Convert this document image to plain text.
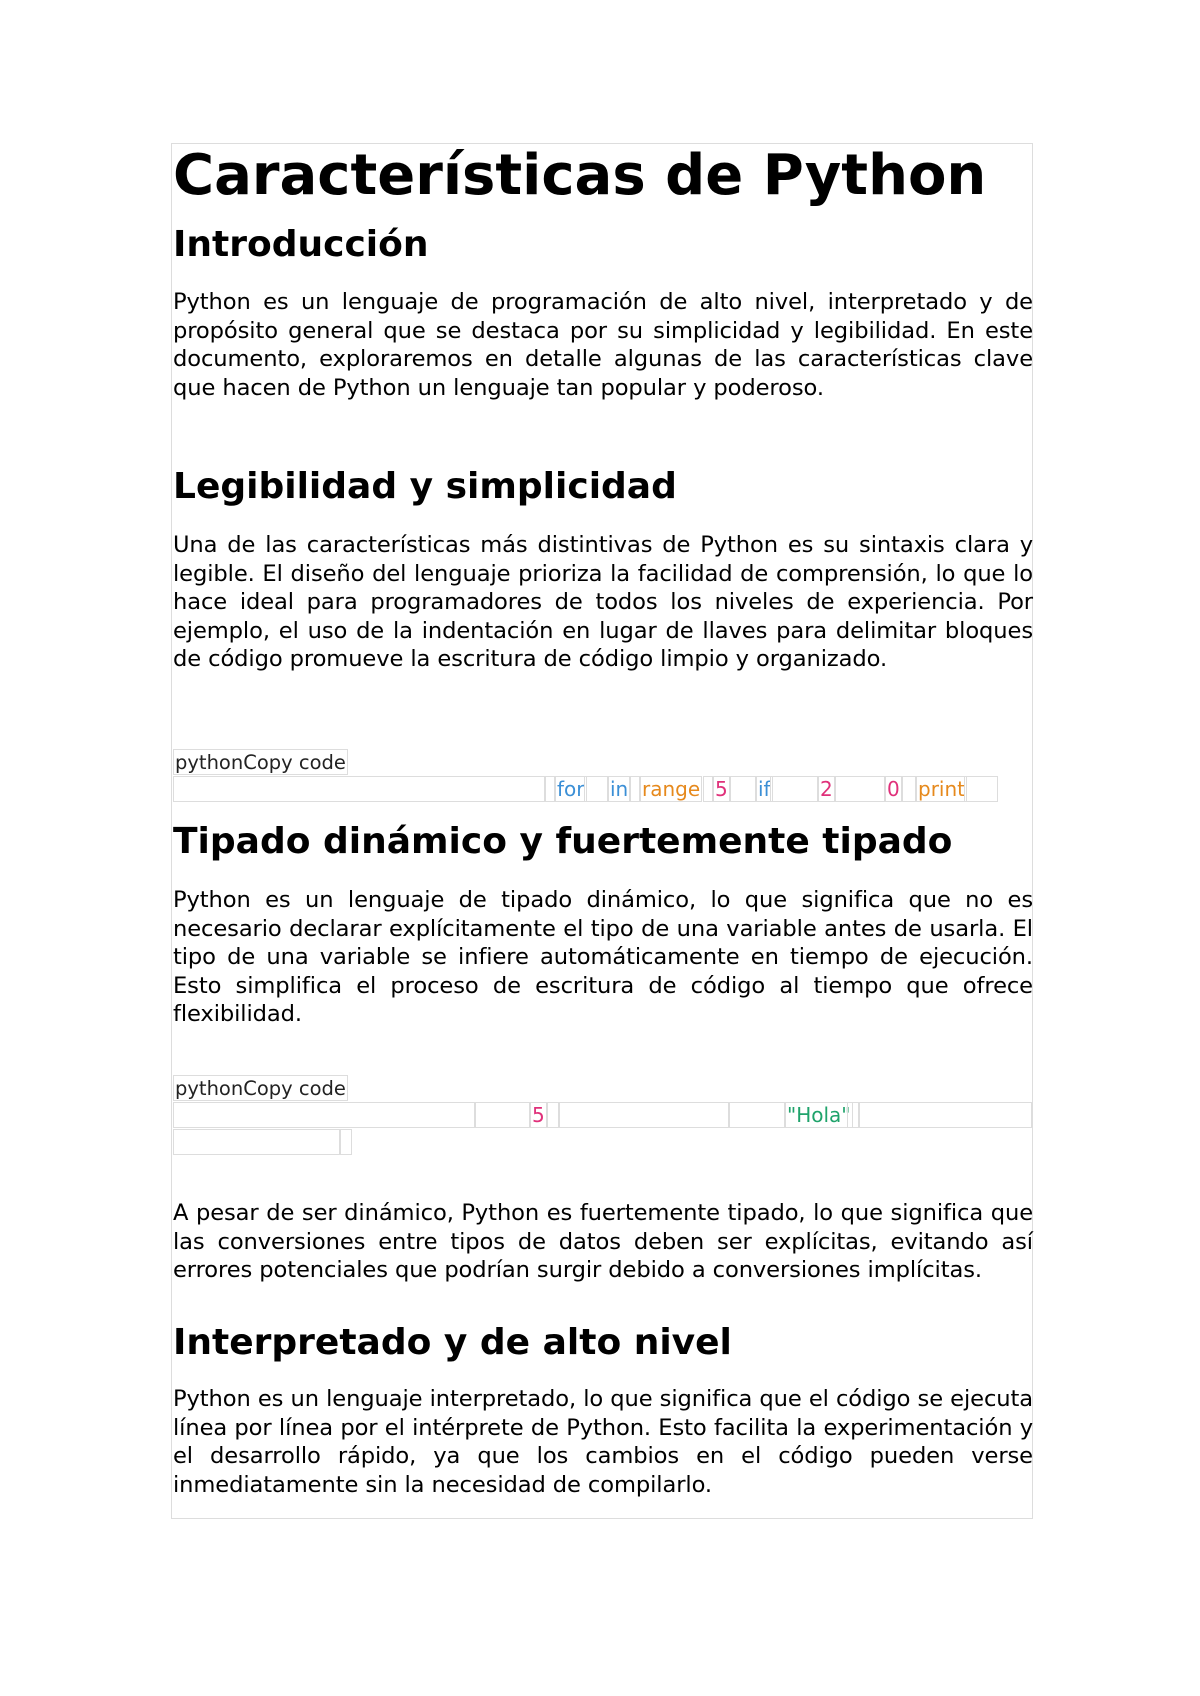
Características de Python
Introducción

Python es un lenguaje de programación de alto nivel, interpretado y de propósito general que se destaca por su simplicidad y legibilidad. En este documento, exploraremos en detalle algunas de las características clave que hacen de Python un lenguaje tan popular y poderoso.

Legibilidad y simplicidad

Una de las características más distintivas de Python es su sintaxis clara y legible. El diseño del lenguaje prioriza la facilidad de comprensión, lo que lo hace ideal para programadores de todos los niveles de experiencia. Por ejemplo, el uso de la indentación en lugar de llaves para delimitar bloques de código promueve la escritura de código limpio y organizado.

pythonCopy code
for in range 5 if 2	0 print
Tipado dinámico y fuertemente tipado

Python es un lenguaje de tipado dinámico, lo que significa que no es necesario declarar explícitamente el tipo de una variable antes de usarla. El tipo de una variable se infiere automáticamente en tiempo de ejecución. Esto simplifica el proceso de escritura de código al tiempo que ofrece flexibilidad.

pythonCopy code
5	"Hola"

A pesar de ser dinámico, Python es fuertemente tipado, lo que significa que las conversiones entre tipos de datos deben ser explícitas, evitando así errores potenciales que podrían surgir debido a conversiones implícitas.

Interpretado y de alto nivel

Python es un lenguaje interpretado, lo que significa que el código se ejecuta línea por línea por el intérprete de Python. Esto facilita la experimentación y el desarrollo rápido, ya que los cambios en el código pueden verse inmediatamente sin la necesidad de compilarlo.
